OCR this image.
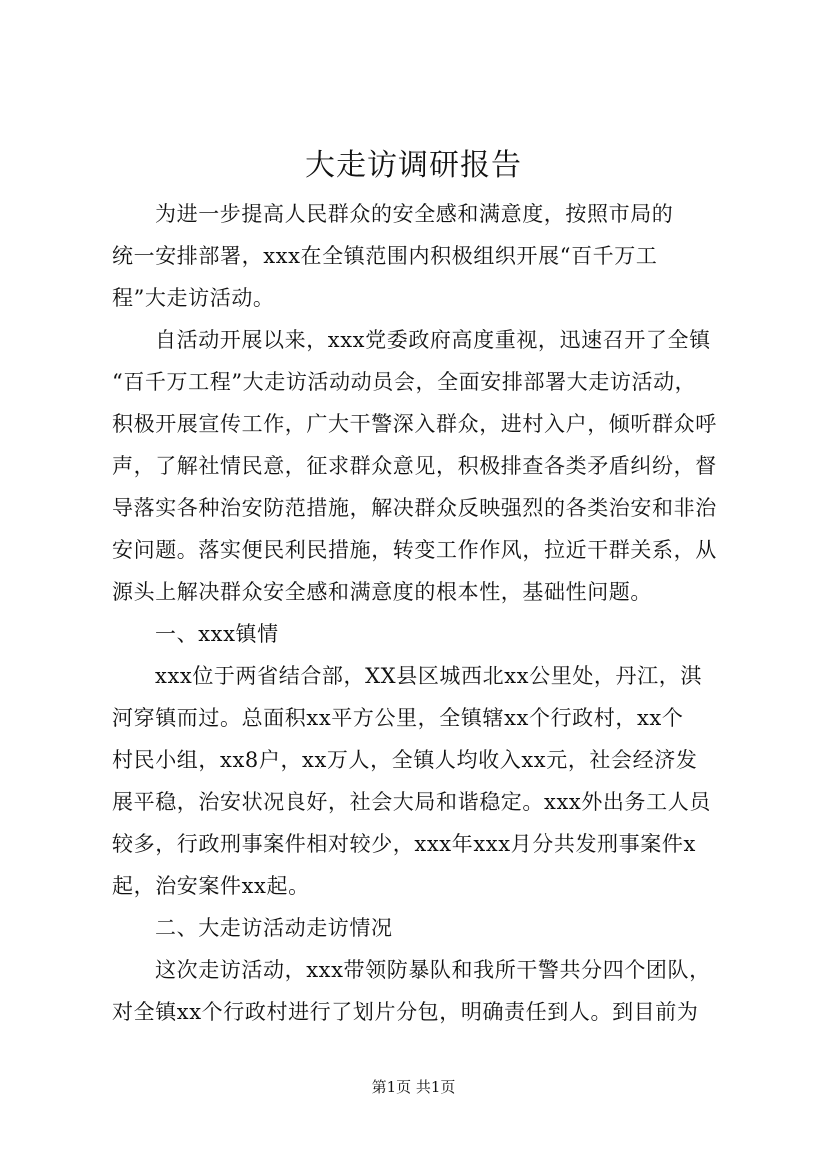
大走访调研报告

为进一步提高人民群众的安全感和满意度，按照市局的

统一安排部署，xxx在全镇范围内积极组织开展“百千万工

程”大走访活动。

自活动开展以来，xxx党委政府高度重视，迅速召开了全镇

“百千万工程”大走访活动动员会，全面安排部署大走访活动，

积极开展宣传工作，广大干警深入群众，进村入户，倾听群众呼

声，了解社情民意，征求群众意见，积极排查各类矛盾纠纷，督

导落实各种治安防范措施，解决群众反映强烈的各类治安和非治

安问题。落实便民利民措施，转变工作作风，拉近干群关系，从

源头上解决群众安全感和满意度的根本性，基础性问题。

一、xxx镇情

xxx位于两省结合部，XX县区城西北xx公里处，丹江，淇

河穿镇而过。总面积xx平方公里，全镇辖xx个行政村，xx个

村民小组，xx8户，xx万人，全镇人均收入xx元，社会经济发

展平稳，治安状况良好，社会大局和谐稳定。xxx外出务工人员

较多，行政刑事案件相对较少，xxx年xxx月分共发刑事案件x

起，治安案件xx起。

二、大走访活动走访情况

这次走访活动，xxx带领防暴队和我所干警共分四个团队，

对全镇xx个行政村进行了划片分包，明确责任到人。到目前为

第1页 共1页
